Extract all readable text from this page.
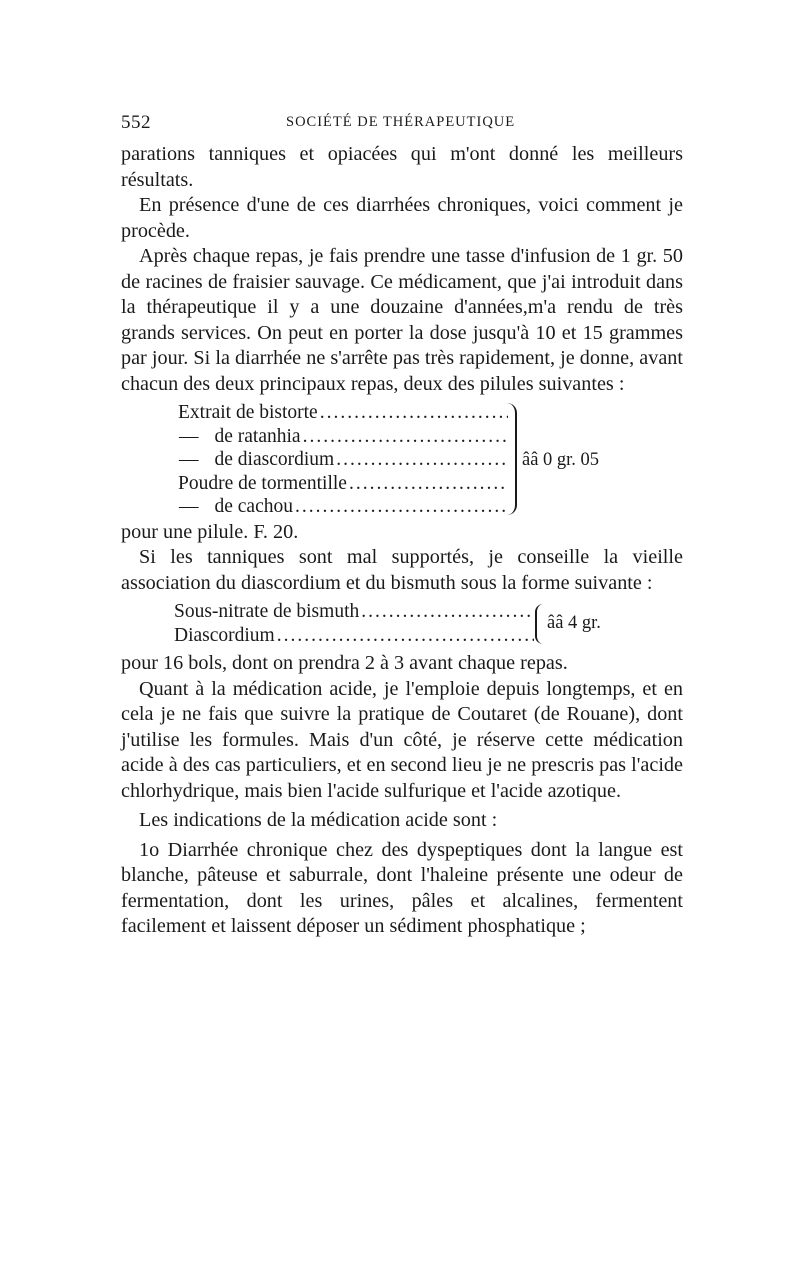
552	SOCIÉTÉ DE THÉRAPEUTIQUE

parations tanniques et opiacées qui m'ont donné les meilleurs résultats.

En présence d'une de ces diarrhées chroniques, voici comment je procède.

Après chaque repas, je fais prendre une tasse d'infusion de 1 gr. 50 de racines de fraisier sauvage. Ce médicament, que j'ai introduit dans la thérapeutique il y a une douzaine d'années,m'a rendu de très grands services. On peut en porter la dose jusqu'à 10 et 15 grammes par jour. Si la diarrhée ne s'arrête pas très rapidement, je donne, avant chacun des deux principaux repas, deux des pilules suivantes :

Extrait de bistorte
.....
— de ratanhia
.....
— de diascordium
.....
Poudre de tormentille
.....
— de cachou
.....
ââ 0 gr. 05

pour une pilule. F. 20.

Si les tanniques sont mal supportés, je conseille la vieille association du diascordium et du bismuth sous la forme suivante :

Sous-nitrate de bismuth
.....
Diascordium
.....
ââ 4 gr.

pour 16 bols, dont on prendra 2 à 3 avant chaque repas.

Quant à la médication acide, je l'emploie depuis longtemps, et en cela je ne fais que suivre la pratique de Coutaret (de Rouane), dont j'utilise les formules. Mais d'un côté, je réserve cette médication acide à des cas particuliers, et en second lieu je ne prescris pas l'acide chlorhydrique, mais bien l'acide sulfurique et l'acide azotique.

Les indications de la médication acide sont :

1o Diarrhée chronique chez des dyspeptiques dont la langue est blanche, pâteuse et saburrale, dont l'haleine présente une odeur de fermentation, dont les urines, pâles et alcalines, fermentent facilement et laissent déposer un sédiment phosphatique ;
